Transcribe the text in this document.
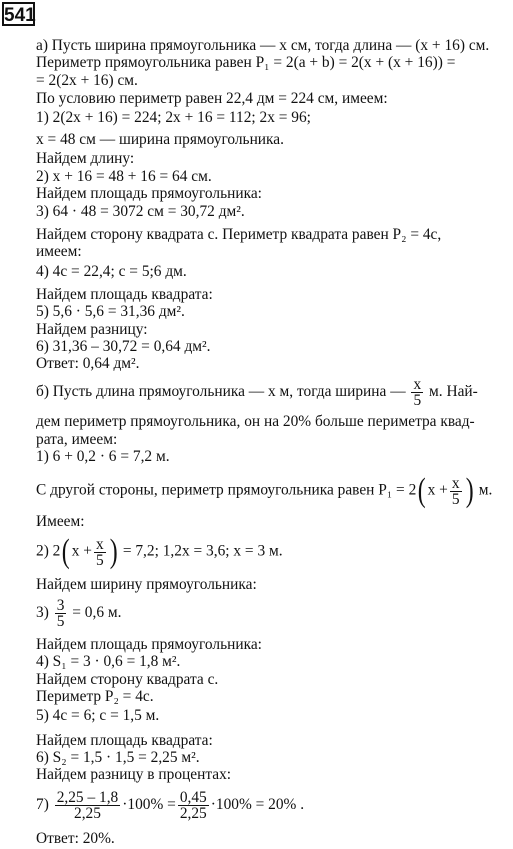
541
а) Пусть ширина прямоугольника — x см, тогда длина — (x + 16) см.
Периметр прямоугольника равен P₁ = 2(a + b) = 2(x + (x + 16)) =
= 2(2x + 16) см.
По условию периметр равен 22,4 дм = 224 см, имеем:
1) 2(2x + 16) = 224; 2x + 16 = 112; 2x = 96;
x = 48 см — ширина прямоугольника.
Найдем длину:
2) x + 16 = 48 + 16 = 64 см.
Найдем площадь прямоугольника:
3) 64 · 48 = 3072 см = 30,72 дм².
Найдем сторону квадрата c. Периметр квадрата равен P₂ = 4c,
имеем:
4) 4c = 22,4; c = 5;6 дм.
Найдем площадь квадрата:
5) 5,6 · 5,6 = 31,36 дм².
Найдем разницу:
6) 31,36 – 30,72 = 0,64 дм².
Ответ: 0,64 дм².
б) Пусть длина прямоугольника — x м, тогда ширина — $\frac{x}{5} м$. Най-
дем периметр прямоугольника, он на 20% больше периметра квад-
рата, имеем:
1) 6 + 0,2 · 6 = 7,2 м.
С другой стороны, периметр прямоугольника равен P₁ = 2( $x + \frac{x}{5}$ ) м.
Имеем:
2) 2( $x + \frac{x}{5}$ ) = 7,2; 1,2x = 3,6; x = 3 м.
Найдем ширину прямоугольника:
$3) \frac{3}{5} = 0,6$ м.
Найдем площадь прямоугольника:
4) S₁ = 3 · 0,6 = 1,8 м².
Найдем сторону квадрата c.
Периметр P₂ = 4c.
5) 4c = 6; c = 1,5 м.
Найдем площадь квадрата:
6) S₂ = 1,5 · 1,5 = 2,25 м².
Найдем разницу в процентах:
$7) \frac{2,25 - 1,8}{2,25} \cdot 100\% = \frac{0,45}{2,25} \cdot 100\% = 20\%$ .
Ответ: 20%.
